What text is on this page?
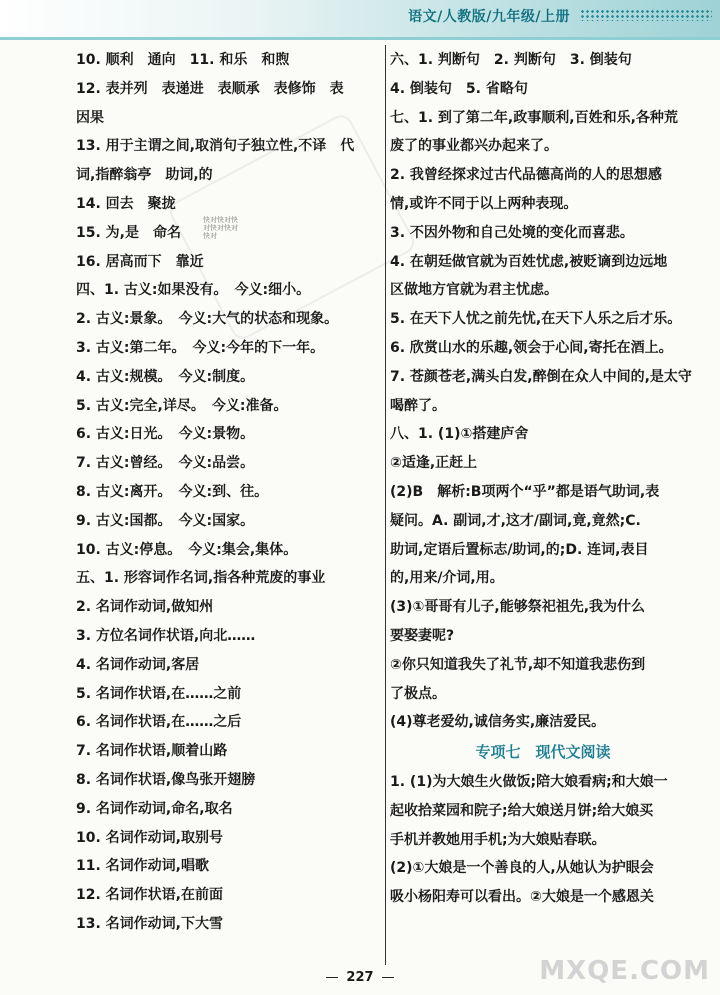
语文/人教版/九年级/上册
10. 顺利　通向　11. 和乐　和煦
12. 表并列　表递进　表顺承　表修饰　表
因果
13. 用于主谓之间,取消句子独立性,不译　代
词,指醉翁亭　助词,的
14. 回去　聚拢
15. 为,是　命名
16. 居高而下　靠近
四、1. 古义:如果没有。　今义:细小。
2. 古义:景象。　今义:大气的状态和现象。
3. 古义:第二年。　今义:今年的下一年。
4. 古义:规模。　今义:制度。
5. 古义:完全,详尽。　今义:准备。
6. 古义:日光。　今义:景物。
7. 古义:曾经。　今义:品尝。
8. 古义:离开。　今义:到、往。
9. 古义:国都。　今义:国家。
10. 古义:停息。　今义:集会,集体。
五、1. 形容词作名词,指各种荒废的事业
2. 名词作动词,做知州
3. 方位名词作状语,向北……
4. 名词作动词,客居
5. 名词作状语,在……之前
6. 名词作状语,在……之后
7. 名词作状语,顺着山路
8. 名词作状语,像鸟张开翅膀
9. 名词作动词,命名,取名
10. 名词作动词,取别号
11. 名词作动词,唱歌
12. 名词作状语,在前面
13. 名词作动词,下大雪
六、1. 判断句　2. 判断句　3. 倒装句
4. 倒装句　5. 省略句
七、1. 到了第二年,政事顺利,百姓和乐,各种荒
废了的事业都兴办起来了。
2. 我曾经探求过古代品德高尚的人的思想感
情,或许不同于以上两种表现。
3. 不因外物和自己处境的变化而喜悲。
4. 在朝廷做官就为百姓忧虑,被贬谪到边远地
区做地方官就为君主忧虑。
5. 在天下人忧之前先忧,在天下人乐之后才乐。
6. 欣赏山水的乐趣,领会于心间,寄托在酒上。
7. 苍颜苍老,满头白发,醉倒在众人中间的,是太守
喝醉了。
八、1. (1)①搭建庐舍
②适逢,正赶上
(2)B　解析:B项两个“乎”都是语气助词,表
疑问。A. 副词,才,这才/副词,竟,竟然;C.
助词,定语后置标志/助词,的;D. 连词,表目
的,用来/介词,用。
(3)①哥哥有儿子,能够祭祀祖先,我为什么
要娶妻呢?
②你只知道我失了礼节,却不知道我悲伤到
了极点。
(4)尊老爱幼,诚信务实,廉洁爱民。
专项七　现代文阅读
1. (1)为大娘生火做饭;陪大娘看病;和大娘一
起收拾菜园和院子;给大娘送月饼;给大娘买
手机并教她用手机;为大娘贴春联。
(2)①大娘是一个善良的人,从她认为护眼会
吸小杨阳寿可以看出。②大娘是一个感恩关
快对快对快对快对快对快对
227	MXQE.COM
